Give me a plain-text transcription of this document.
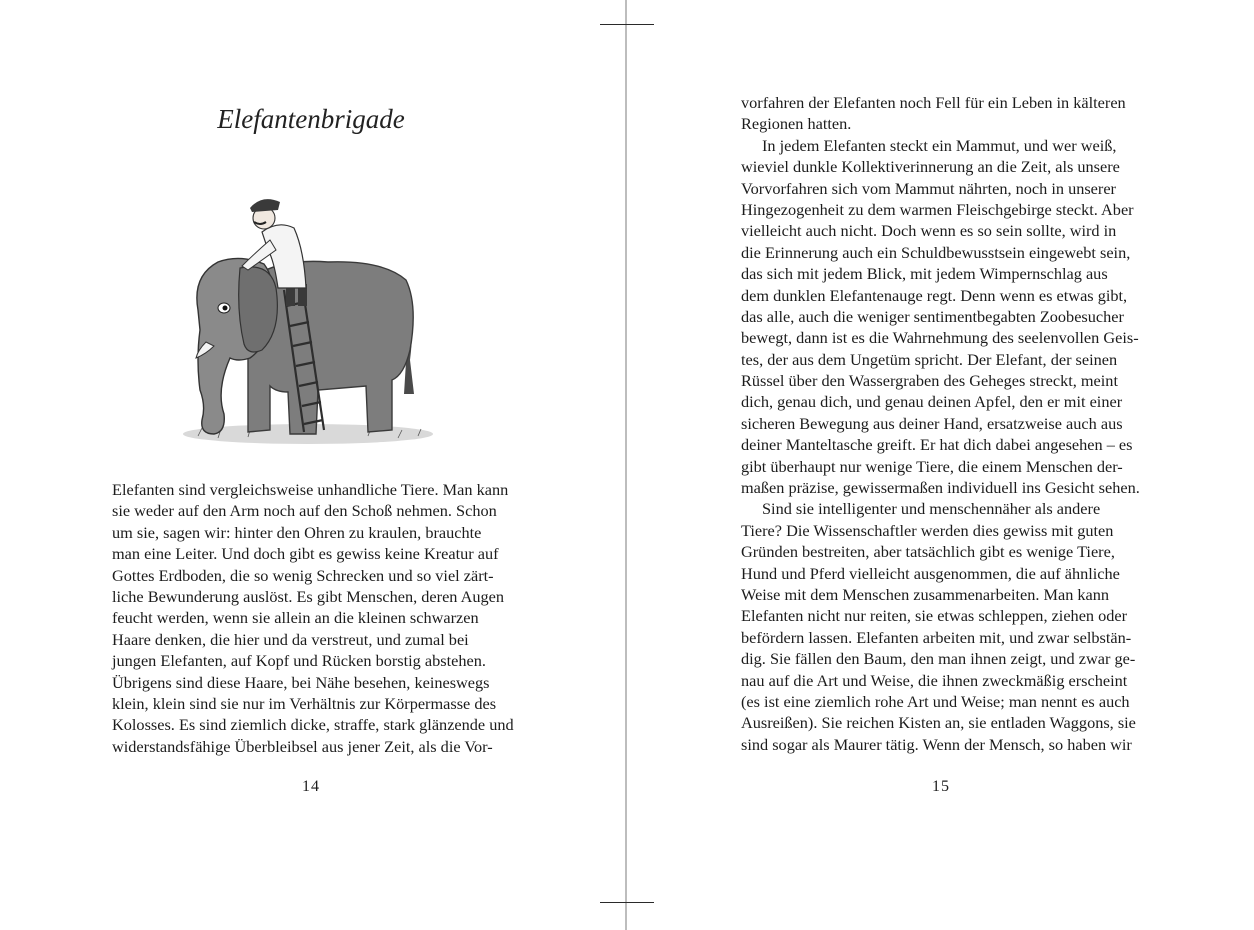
Elefantenbrigade
Elefanten sind vergleichsweise unhandliche Tiere. Man kann
sie weder auf den Arm noch auf den Schoß nehmen. Schon
um sie, sagen wir: hinter den Ohren zu kraulen, brauchte
man eine Leiter. Und doch gibt es gewiss keine Kreatur auf
Gottes Erdboden, die so wenig Schrecken und so viel zärt-
liche Bewunderung auslöst. Es gibt Menschen, deren Augen
feucht werden, wenn sie allein an die kleinen schwarzen
Haare denken, die hier und da verstreut, und zumal bei
jungen Elefanten, auf Kopf und Rücken borstig abstehen.
Übrigens sind diese Haare, bei Nähe besehen, keineswegs
klein, klein sind sie nur im Verhältnis zur Körpermasse des
Kolosses. Es sind ziemlich dicke, straffe, stark glänzende und
widerstandsfähige Überbleibsel aus jener Zeit, als die Vor-
14
vorfahren der Elefanten noch Fell für ein Leben in kälteren
Regionen hatten.
In jedem Elefanten steckt ein Mammut, und wer weiß,
wieviel dunkle Kollektiverinnerung an die Zeit, als unsere
Vorvorfahren sich vom Mammut nährten, noch in unserer
Hingezogenheit zu dem warmen Fleischgebirge steckt. Aber
vielleicht auch nicht. Doch wenn es so sein sollte, wird in
die Erinnerung auch ein Schuldbewusstsein eingewebt sein,
das sich mit jedem Blick, mit jedem Wimpernschlag aus
dem dunklen Elefantenauge regt. Denn wenn es etwas gibt,
das alle, auch die weniger sentimentbegabten Zoobesucher
bewegt, dann ist es die Wahrnehmung des seelenvollen Geis-
tes, der aus dem Ungetüm spricht. Der Elefant, der seinen
Rüssel über den Wassergraben des Geheges streckt, meint
dich, genau dich, und genau deinen Apfel, den er mit einer
sicheren Bewegung aus deiner Hand, ersatzweise auch aus
deiner Manteltasche greift. Er hat dich dabei angesehen – es
gibt überhaupt nur wenige Tiere, die einem Menschen der-
maßen präzise, gewissermaßen individuell ins Gesicht sehen.
Sind sie intelligenter und menschennäher als andere
Tiere? Die Wissenschaftler werden dies gewiss mit guten
Gründen bestreiten, aber tatsächlich gibt es wenige Tiere,
Hund und Pferd vielleicht ausgenommen, die auf ähnliche
Weise mit dem Menschen zusammenarbeiten. Man kann
Elefanten nicht nur reiten, sie etwas schleppen, ziehen oder
befördern lassen. Elefanten arbeiten mit, und zwar selbstän-
dig. Sie fällen den Baum, den man ihnen zeigt, und zwar ge-
nau auf die Art und Weise, die ihnen zweckmäßig erscheint
(es ist eine ziemlich rohe Art und Weise; man nennt es auch
Ausreißen). Sie reichen Kisten an, sie entladen Waggons, sie
sind sogar als Maurer tätig. Wenn der Mensch, so haben wir
15
